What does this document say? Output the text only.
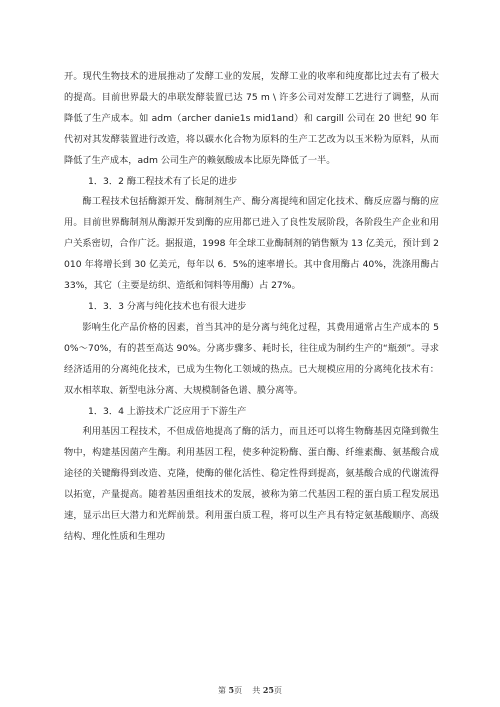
开。现代生物技术的进展推动了发酵工业的发展，发酵工业的收率和纯度都比过去有了极大的提高。目前世界最大的串联发酵装置已达 75 m \ 许多公司对发酵工艺进行了调整，从而降低了生产成本。如 adm（archer danie1s mid1and）和 cargill 公司在 20 世纪 90 年代初对其发酵装置进行改造，将以碳水化合物为原料的生产工艺改为以玉米粉为原料，从而降低了生产成本，adm 公司生产的赖氨酸成本比原先降低了一半。

1．3．2 酶工程技术有了长足的进步

酶工程技术包括酶源开发、酶制剂生产、酶分离提纯和固定化技术、酶反应器与酶的应用。目前世界酶制剂从酶源开发到酶的应用都已进入了良性发展阶段，各阶段生产企业和用户关系密切，合作广泛。据报道，1998 年全球工业酶制剂的销售额为 13 亿美元，预计到 2010 年将增长到 30 亿美元，每年以 6．5%的速率增长。其中食用酶占 40%，洗涤用酶占 33%，其它（主要是纺织、造纸和饲料等用酶）占 27%。

1．3．3 分离与纯化技术也有很大进步

影响生化产品价格的因素，首当其冲的是分离与纯化过程，其费用通常占生产成本的 50%～70%，有的甚至高达 90%。分离步骤多、耗时长，往往成为制约生产的“瓶颈”。寻求经济适用的分离纯化技术，已成为生物化工领域的热点。已大规模应用的分离纯化技术有：双水相萃取、新型电泳分离、大规模制备色谱、膜分离等。

1．3．4 上游技术广泛应用于下游生产

利用基因工程技术，不但成倍地提高了酶的活力，而且还可以将生物酶基因克隆到微生物中，构建基因菌产生酶。利用基因工程，使多种淀粉酶、蛋白酶、纤维素酶、氨基酸合成途径的关键酶得到改造、克隆，使酶的催化活性、稳定性得到提高，氨基酸合成的代谢流得以拓宽，产量提高。随着基因重组技术的发展，被称为第二代基因工程的蛋白质工程发展迅速，显示出巨大潜力和光辉前景。利用蛋白质工程，将可以生产具有特定氨基酸顺序、高级结构、理化性质和生理功

第 5页 共 25页
